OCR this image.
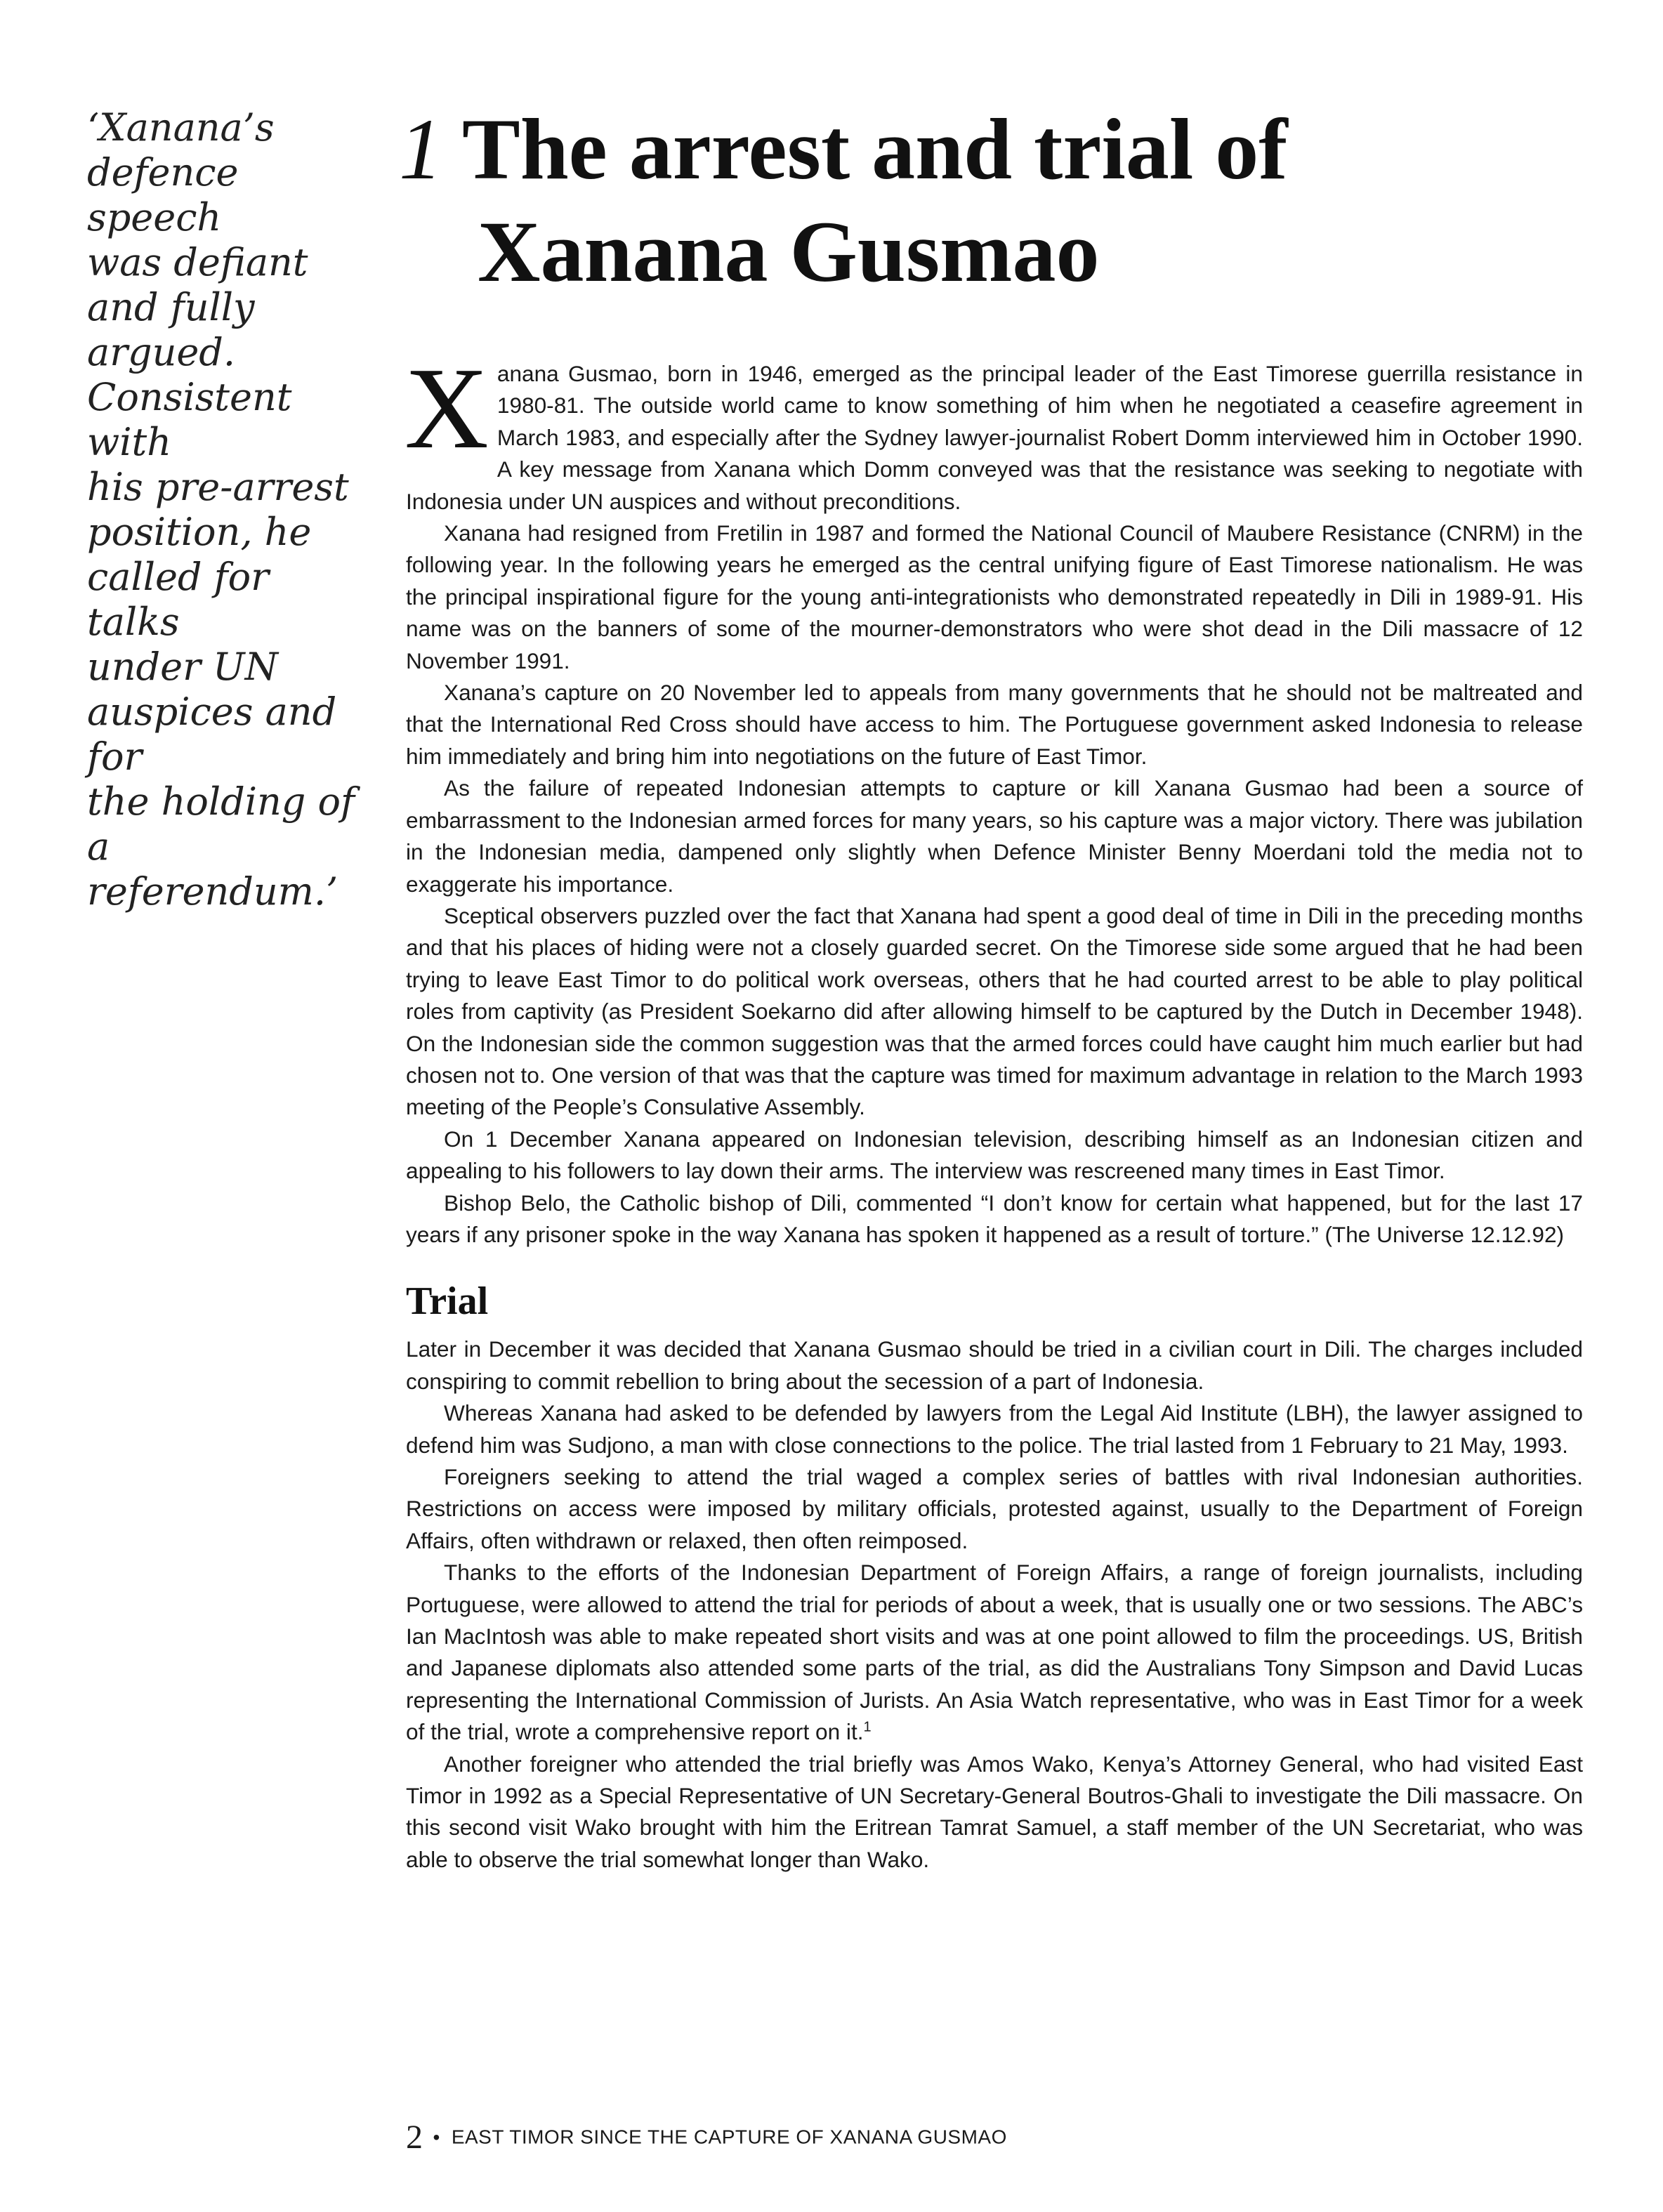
‘Xanana’s
defence speech
was defiant
and fully
argued.
Consistent with
his pre-arrest
position, he
called for talks
under UN
auspices and for
the holding of a
referendum.’
1 The arrest and trial of
Xanana Gusmao

Xanana Gusmao, born in 1946, emerged as the principal leader of the East Timorese guerrilla resistance in 1980-81. The outside world came to know something of him when he negotiated a ceasefire agreement in March 1983, and especially after the Sydney lawyer-journalist Robert Domm interviewed him in October 1990. A key message from Xanana which Domm conveyed was that the resistance was seeking to negotiate with Indonesia under UN auspices and without preconditions.

Xanana had resigned from Fretilin in 1987 and formed the National Council of Maubere Resistance (CNRM) in the following year. In the following years he emerged as the central unifying figure of East Timorese nationalism. He was the principal inspirational figure for the young anti-integrationists who demonstrated repeatedly in Dili in 1989-91. His name was on the banners of some of the mourner-demonstrators who were shot dead in the Dili massacre of 12 November 1991.

Xanana’s capture on 20 November led to appeals from many governments that he should not be maltreated and that the International Red Cross should have access to him. The Portuguese government asked Indonesia to release him immediately and bring him into negotiations on the future of East Timor.

As the failure of repeated Indonesian attempts to capture or kill Xanana Gusmao had been a source of embarrassment to the Indonesian armed forces for many years, so his capture was a major victory. There was jubilation in the Indonesian media, dampened only slightly when Defence Minister Benny Moerdani told the media not to exaggerate his importance.

Sceptical observers puzzled over the fact that Xanana had spent a good deal of time in Dili in the preceding months and that his places of hiding were not a closely guarded secret. On the Timorese side some argued that he had been trying to leave East Timor to do political work overseas, others that he had courted arrest to be able to play political roles from captivity (as President Soekarno did after allowing himself to be captured by the Dutch in December 1948). On the Indonesian side the common suggestion was that the armed forces could have caught him much earlier but had chosen not to. One version of that was that the capture was timed for maximum advantage in relation to the March 1993 meeting of the People’s Consulative Assembly.

On 1 December Xanana appeared on Indonesian television, describing himself as an Indonesian citizen and appealing to his followers to lay down their arms. The interview was rescreened many times in East Timor.

Bishop Belo, the Catholic bishop of Dili, commented “I don’t know for certain what happened, but for the last 17 years if any prisoner spoke in the way Xanana has spoken it happened as a result of torture.” (The Universe 12.12.92)

Trial

Later in December it was decided that Xanana Gusmao should be tried in a civilian court in Dili. The charges included conspiring to commit rebellion to bring about the secession of a part of Indonesia.

Whereas Xanana had asked to be defended by lawyers from the Legal Aid Institute (LBH), the lawyer assigned to defend him was Sudjono, a man with close connections to the police. The trial lasted from 1 February to 21 May, 1993.

Foreigners seeking to attend the trial waged a complex series of battles with rival Indonesian authorities. Restrictions on access were imposed by military officials, protested against, usually to the Department of Foreign Affairs, often withdrawn or relaxed, then often reimposed.

Thanks to the efforts of the Indonesian Department of Foreign Affairs, a range of foreign journalists, including Portuguese, were allowed to attend the trial for periods of about a week, that is usually one or two sessions. The ABC’s Ian MacIntosh was able to make repeated short visits and was at one point allowed to film the proceedings. US, British and Japanese diplomats also attended some parts of the trial, as did the Australians Tony Simpson and David Lucas representing the International Commission of Jurists. An Asia Watch representative, who was in East Timor for a week of the trial, wrote a comprehensive report on it.$^1$

Another foreigner who attended the trial briefly was Amos Wako, Kenya’s Attorney General, who had visited East Timor in 1992 as a Special Representative of UN Secretary-General Boutros-Ghali to investigate the Dili massacre. On this second visit Wako brought with him the Eritrean Tamrat Samuel, a staff member of the UN Secretariat, who was able to observe the trial somewhat longer than Wako.

2 • EAST TIMOR SINCE THE CAPTURE OF XANANA GUSMAO
